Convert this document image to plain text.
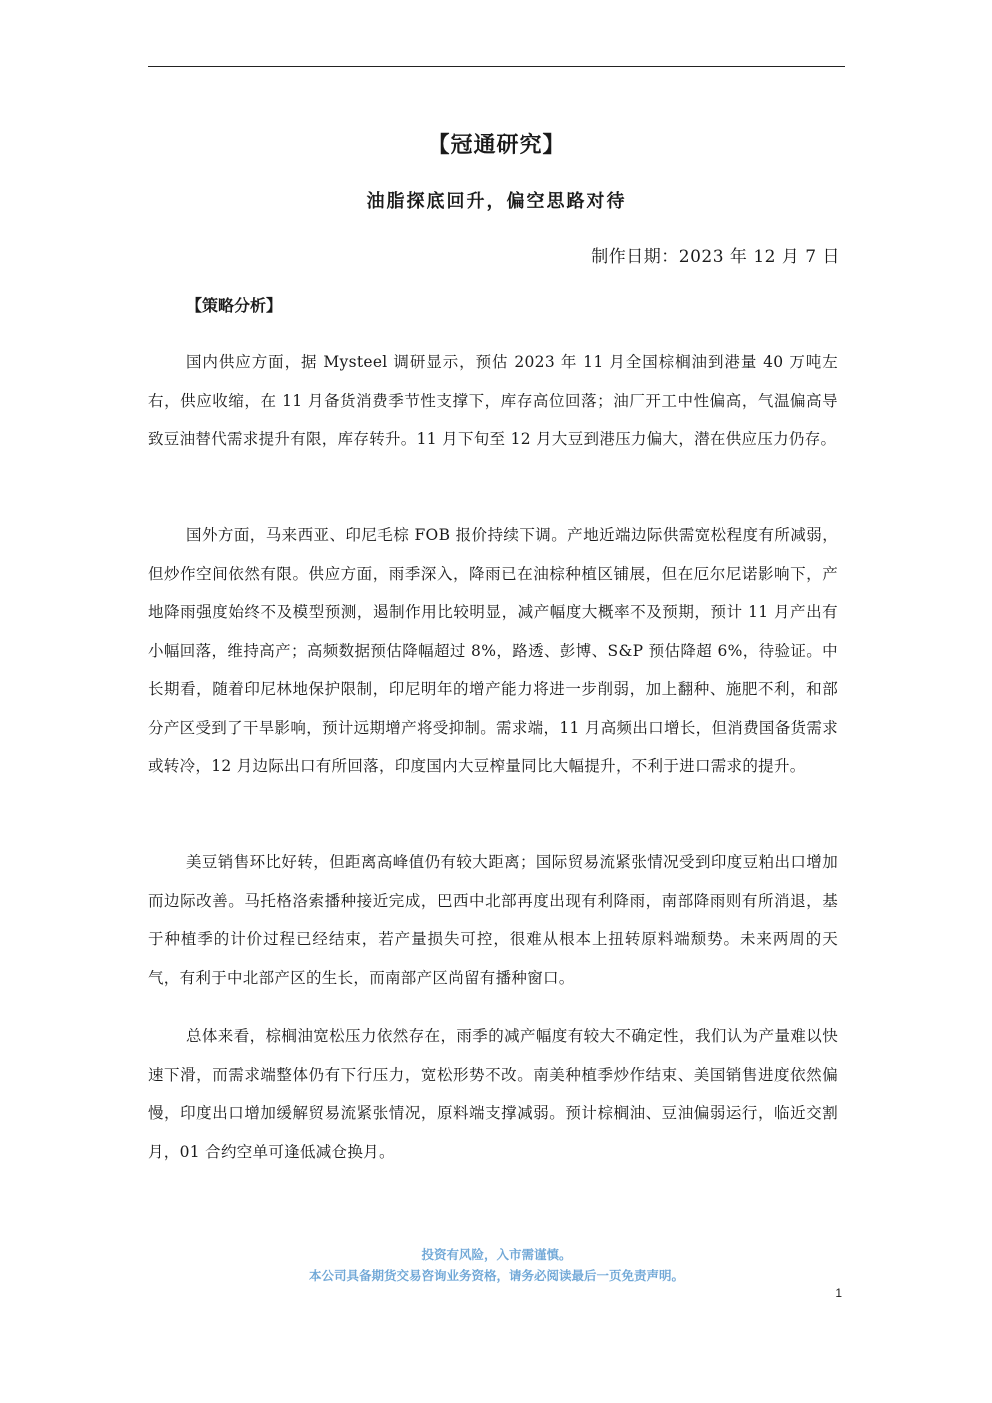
【冠通研究】
油脂探底回升，偏空思路对待
制作日期：2023 年 12 月 7 日
【策略分析】

国内供应方面，据 Mysteel 调研显示，预估 2023 年 11 月全国棕榈油到港量 40 万吨左右，供应收缩，在 11 月备货消费季节性支撑下，库存高位回落；油厂开工中性偏高，气温偏高导致豆油替代需求提升有限，库存转升。11 月下旬至 12 月大豆到港压力偏大，潜在供应压力仍存。

国外方面，马来西亚、印尼毛棕 FOB 报价持续下调。产地近端边际供需宽松程度有所减弱，但炒作空间依然有限。供应方面，雨季深入，降雨已在油棕种植区铺展，但在厄尔尼诺影响下，产地降雨强度始终不及模型预测，遏制作用比较明显，减产幅度大概率不及预期，预计 11 月产出有小幅回落，维持高产；高频数据预估降幅超过 8%，路透、彭博、S&P 预估降超 6%，待验证。中长期看，随着印尼林地保护限制，印尼明年的增产能力将进一步削弱，加上翻种、施肥不利，和部分产区受到了干旱影响，预计远期增产将受抑制。需求端，11 月高频出口增长，但消费国备货需求或转冷，12 月边际出口有所回落，印度国内大豆榨量同比大幅提升，不利于进口需求的提升。

美豆销售环比好转，但距离高峰值仍有较大距离；国际贸易流紧张情况受到印度豆粕出口增加而边际改善。马托格洛索播种接近完成，巴西中北部再度出现有利降雨，南部降雨则有所消退，基于种植季的计价过程已经结束，若产量损失可控，很难从根本上扭转原料端颓势。未来两周的天气，有利于中北部产区的生长，而南部产区尚留有播种窗口。

总体来看，棕榈油宽松压力依然存在，雨季的减产幅度有较大不确定性，我们认为产量难以快速下滑，而需求端整体仍有下行压力，宽松形势不改。南美种植季炒作结束、美国销售进度依然偏慢，印度出口增加缓解贸易流紧张情况，原料端支撑减弱。预计棕榈油、豆油偏弱运行，临近交割月，01 合约空单可逢低减仓换月。

投资有风险，入市需谨慎。
本公司具备期货交易咨询业务资格，请务必阅读最后一页免责声明。
1
